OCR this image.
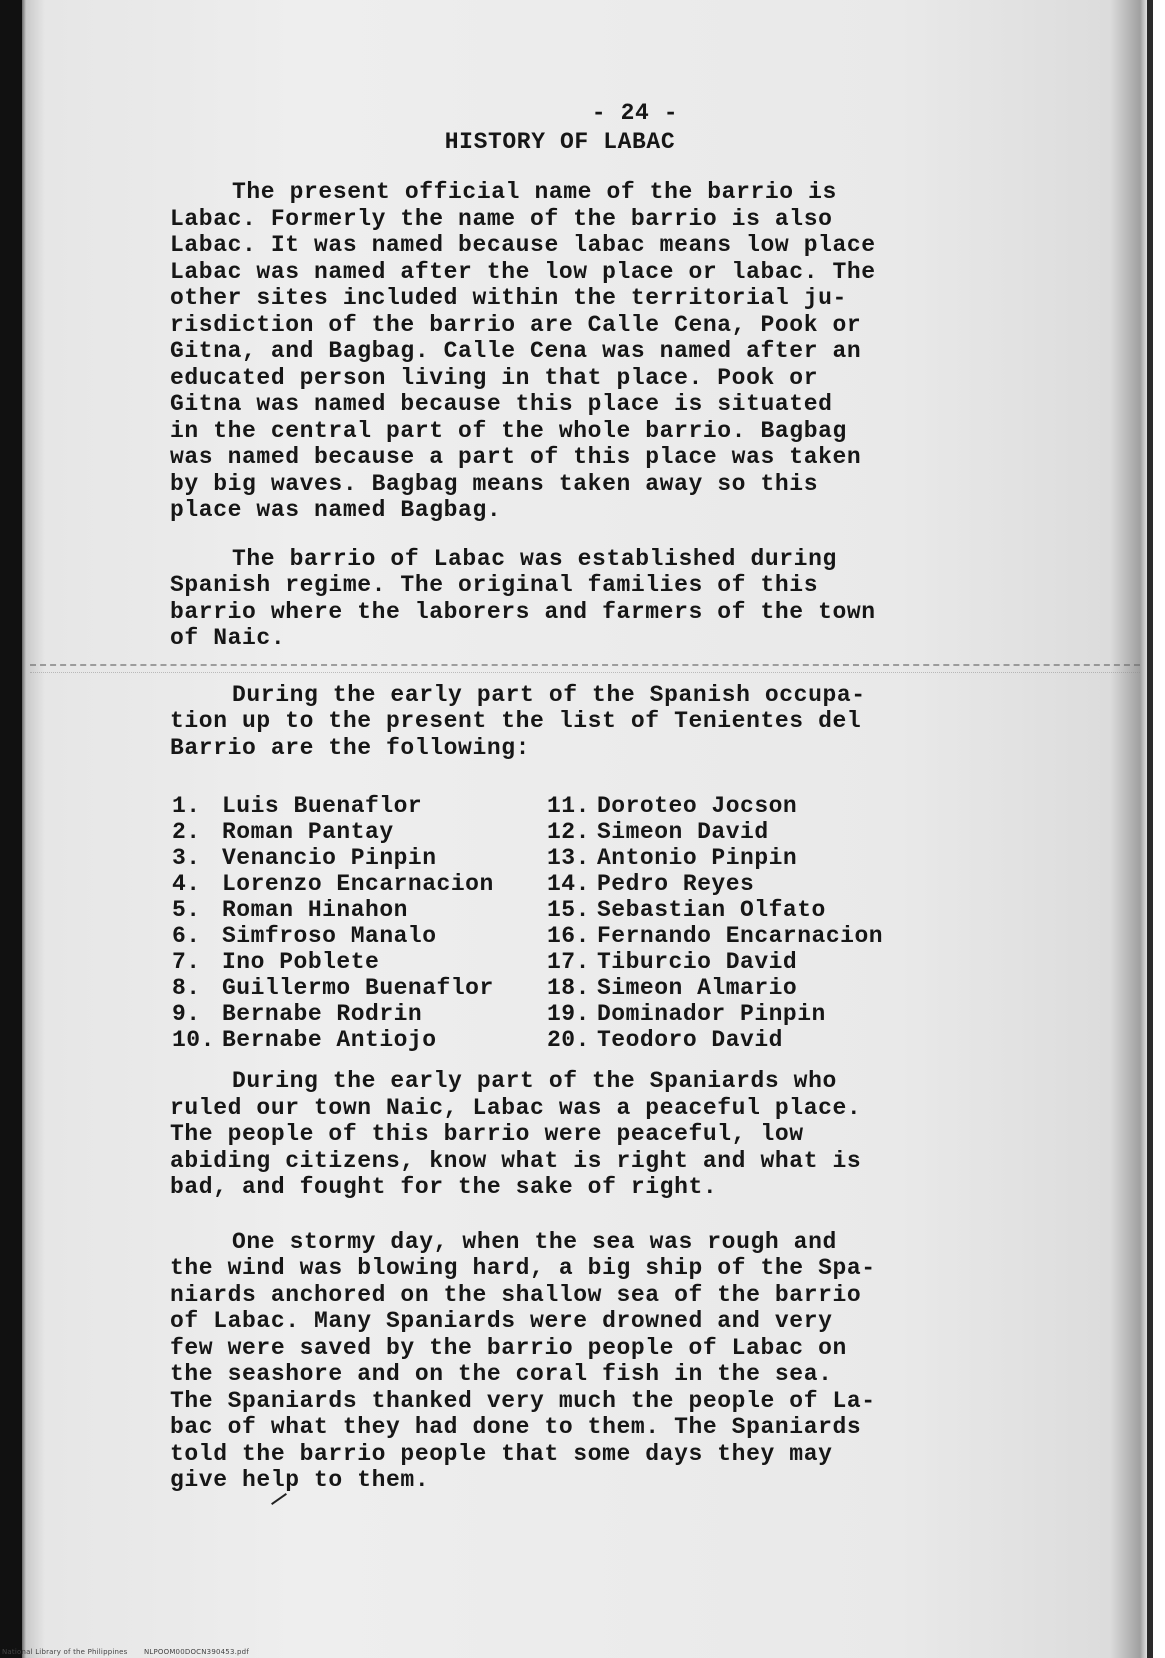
- 24 -
HISTORY OF LABAC
The present official name of the barrio is
Labac. Formerly the name of the barrio is also
Labac. It was named because labac means low place
Labac was named after the low place or labac. The
other sites included within the territorial ju-
risdiction of the barrio are Calle Cena, Pook or
Gitna, and Bagbag. Calle Cena was named after an
educated person living in that place. Pook or
Gitna was named because this place is situated
in the central part of the whole barrio. Bagbag
was named because a part of this place was taken
by big waves. Bagbag means taken away so this
place was named Bagbag.
The barrio of Labac was established during
Spanish regime. The original families of this
barrio where the laborers and farmers of the town
of Naic.
During the early part of the Spanish occupa-
tion up to the present the list of Tenientes del
Barrio are the following:
1. Luis Buenaflor
2. Roman Pantay
3. Venancio Pinpin
4. Lorenzo Encarnacion
5. Roman Hinahon
6. Simfroso Manalo
7. Ino Poblete
8. Guillermo Buenaflor
9. Bernabe Rodrin
10. Bernabe Antiojo
11. Doroteo Jocson
12. Simeon David
13. Antonio Pinpin
14. Pedro Reyes
15. Sebastian Olfato
16. Fernando Encarnacion
17. Tiburcio David
18. Simeon Almario
19. Dominador Pinpin
20. Teodoro David
During the early part of the Spaniards who
ruled our town Naic, Labac was a peaceful place.
The people of this barrio were peaceful, low
abiding citizens, know what is right and what is
bad, and fought for the sake of right.
One stormy day, when the sea was rough and
the wind was blowing hard, a big ship of the Spa-
niards anchored on the shallow sea of the barrio
of Labac. Many Spaniards were drowned and very
few were saved by the barrio people of Labac on
the seashore and on the coral fish in the sea.
The Spaniards thanked very much the people of La-
bac of what they had done to them. The Spaniards
told the barrio people that some days they may
give help to them.
National Library of the Philippines NLPOOM00DOCN390453.pdf
